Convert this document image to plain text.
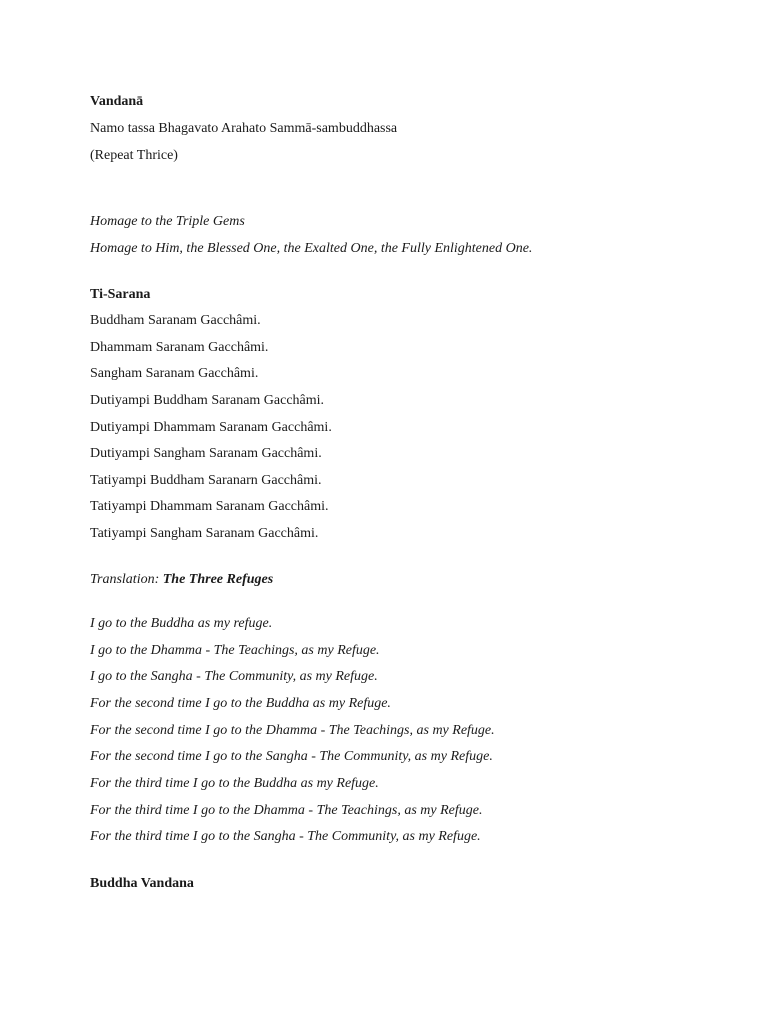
Vandanā
Namo tassa Bhagavato Arahato Sammā-sambuddhassa
(Repeat Thrice)
Homage to the Triple Gems
Homage to Him, the Blessed One, the Exalted One, the Fully Enlightened One.
Ti-Sarana
Buddham Saranam Gacchâmi.
Dhammam Saranam Gacchâmi.
Sangham Saranam Gacchâmi.
Dutiyampi Buddham Saranam Gacchâmi.
Dutiyampi Dhammam Saranam Gacchâmi.
Dutiyampi Sangham Saranam Gacchâmi.
Tatiyampi Buddham Saranarn Gacchâmi.
Tatiyampi Dhammam Saranam Gacchâmi.
Tatiyampi Sangham Saranam Gacchâmi.
Translation: The Three Refuges
I go to the Buddha as my refuge.
I go to the Dhamma - The Teachings, as my Refuge.
I go to the Sangha - The Community, as my Refuge.
For the second time I go to the Buddha as my Refuge.
For the second time I go to the Dhamma - The Teachings, as my Refuge.
For the second time I go to the Sangha - The Community, as my Refuge.
For the third time I go to the Buddha as my Refuge.
For the third time I go to the Dhamma - The Teachings, as my Refuge.
For the third time I go to the Sangha - The Community, as my Refuge.
Buddha Vandana
